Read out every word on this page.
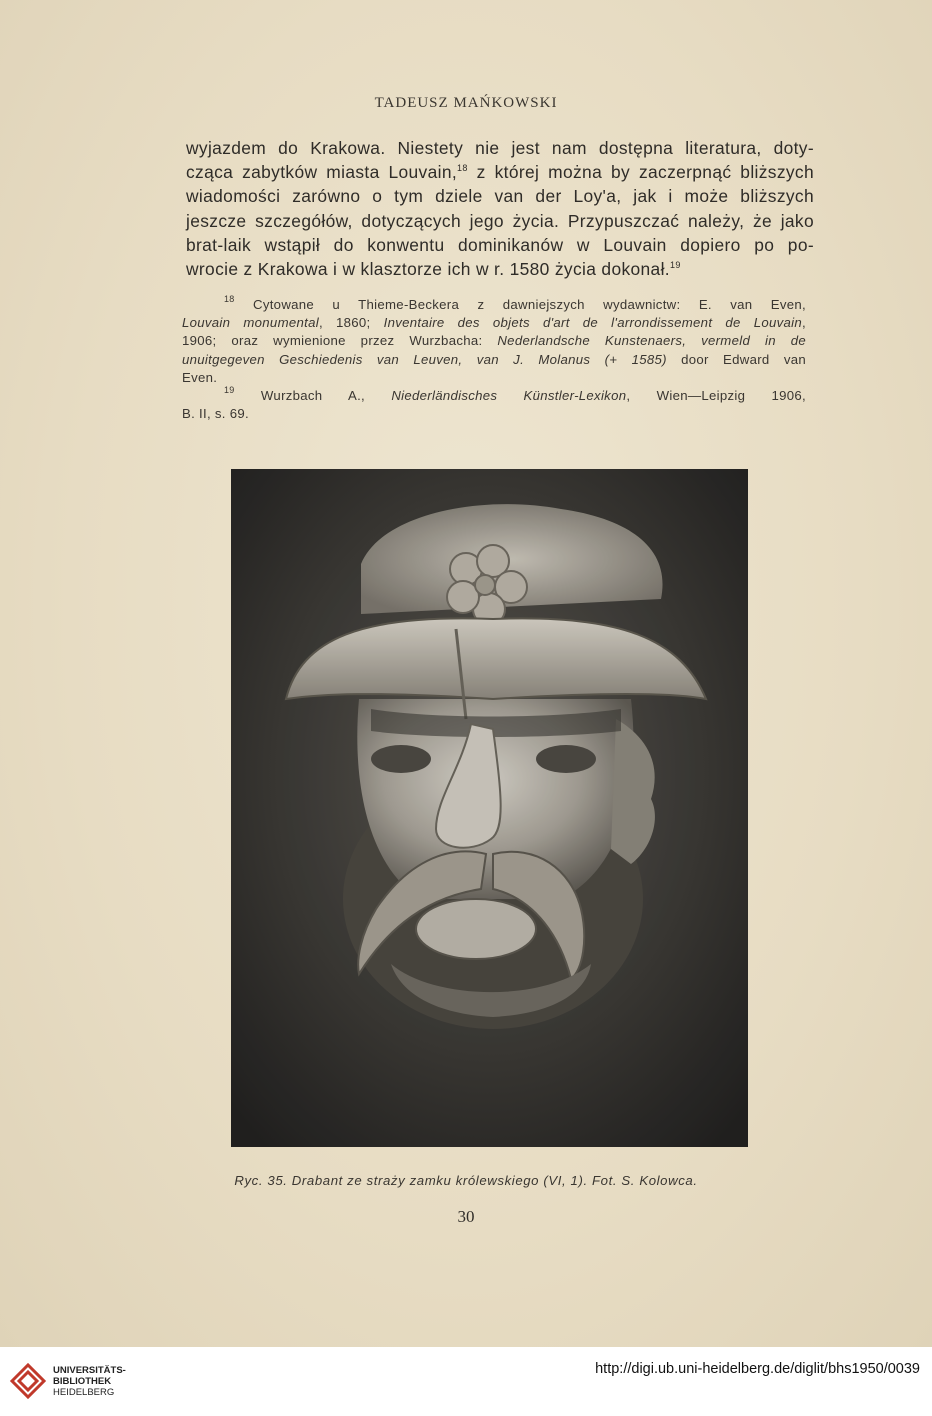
TADEUSZ MAŃKOWSKI
wyjazdem do Krakowa. Niestety nie jest nam dostępna literatura, doty-
cząca zabytków miasta Louvain,$^{18}$ z której można by zaczerpnąć bliższych
wiadomości zarówno o tym dziele van der Loy'a, jak i może bliższych
jeszcze szczegółów, dotyczących jego życia. Przypuszczać należy, że jako
brat-laik wstąpił do konwentu dominikanów w Louvain dopiero po po-
wrocie z Krakowa i w klasztorze ich w r. 1580 życia dokonał.$^{19}$
$^{18}$ Cytowane u Thieme-Beckera z dawniejszych wydawnictw: E. van Even,
Louvain monumental, 1860; Inventaire des objets d'art de l'arrondissement de Louvain,
1906; oraz wymienione przez Wurzbacha: Nederlandsche Kunstenaers, vermeld in de
unuitgegeven Geschiedenis van Leuven, van J. Molanus (+ 1585) door Edward van
Even.
$^{19}$ Wurzbach A., Niederländisches Künstler-Lexikon, Wien—Leipzig 1906,
B. II, s. 69.
Ryc. 35. Drabant ze straży zamku królewskiego (VI, 1). Fot. S. Kolowca.
30
UNIVERSITÄTS-
BIBLIOTHEK
HEIDELBERG
http://digi.ub.uni-heidelberg.de/diglit/bhs1950/0039
